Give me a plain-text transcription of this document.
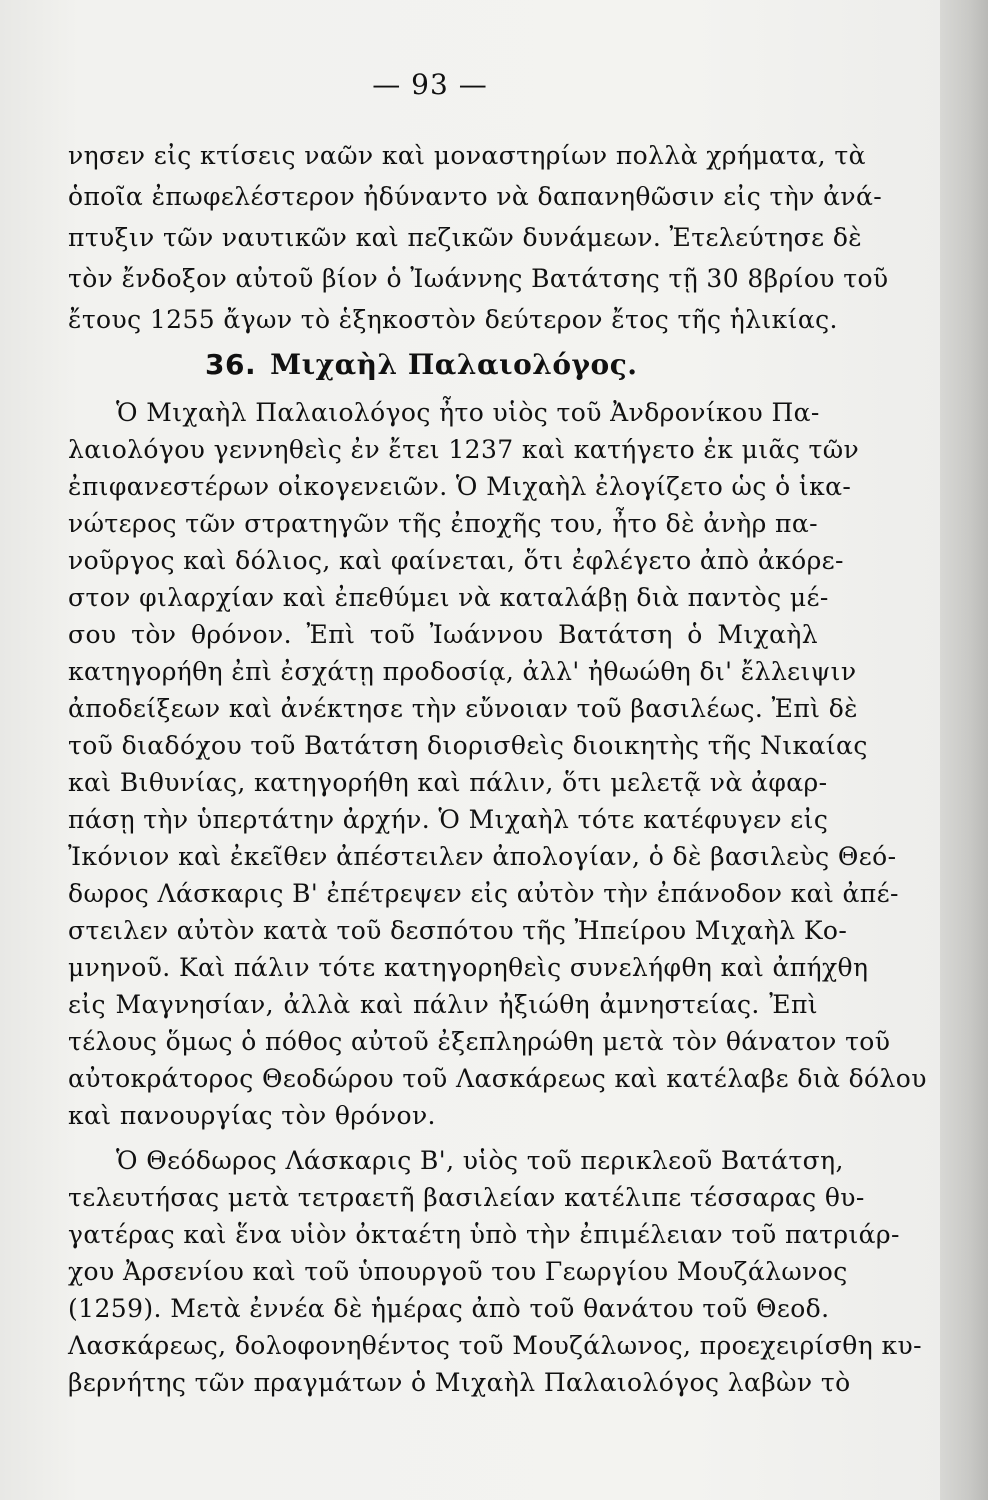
— 93 —
νησεν εἰς κτίσεις ναῶν καὶ μοναστηρίων πολλὰ χρήματα, τὰ
ὁποῖα ἐπωφελέστερον ἠδύναντο νὰ δαπανηθῶσιν εἰς τὴν ἀνά-
πτυξιν τῶν ναυτικῶν καὶ πεζικῶν δυνάμεων. Ἐτελεύτησε δὲ
τὸν ἔνδοξον αὐτοῦ βίον ὁ Ἰωάννης Βατάτσης τῇ 30 8βρίου τοῦ
ἔτους 1255 ἄγων τὸ ἑξηκοστὸν δεύτερον ἔτος τῆς ἡλικίας.
36. Μιχαὴλ Παλαιολόγος.
Ὁ Μιχαὴλ Παλαιολόγος ἦτο υἱὸς τοῦ Ἀνδρονίκου Πα-
λαιολόγου γεννηθεὶς ἐν ἔτει 1237 καὶ κατήγετο ἐκ μιᾶς τῶν
ἐπιφανεστέρων οἰκογενειῶν. Ὁ Μιχαὴλ ἐλογίζετο ὡς ὁ ἱκα-
νώτερος τῶν στρατηγῶν τῆς ἐποχῆς του, ἦτο δὲ ἀνὴρ πα-
νοῦργος καὶ δόλιος, καὶ φαίνεται, ὅτι ἐφλέγετο ἀπὸ ἀκόρε-
στον φιλαρχίαν καὶ ἐπεθύμει νὰ καταλάβῃ διὰ παντὸς μέ-
σου τὸν θρόνον. Ἐπὶ τοῦ Ἰωάννου Βατάτση ὁ Μιχαὴλ
κατηγορήθη ἐπὶ ἐσχάτῃ προδοσίᾳ, ἀλλ' ἠθωώθη δι' ἔλλειψιν
ἀποδείξεων καὶ ἀνέκτησε τὴν εὔνοιαν τοῦ βασιλέως. Ἐπὶ δὲ
τοῦ διαδόχου τοῦ Βατάτση διορισθεὶς διοικητὴς τῆς Νικαίας
καὶ Βιθυνίας, κατηγορήθη καὶ πάλιν, ὅτι μελετᾷ νὰ ἀφαρ-
πάσῃ τὴν ὑπερτάτην ἀρχήν. Ὁ Μιχαὴλ τότε κατέφυγεν εἰς
Ἰκόνιον καὶ ἐκεῖθεν ἀπέστειλεν ἀπολογίαν, ὁ δὲ βασιλεὺς Θεό-
δωρος Λάσκαρις Β' ἐπέτρεψεν εἰς αὐτὸν τὴν ἐπάνοδον καὶ ἀπέ-
στειλεν αὐτὸν κατὰ τοῦ δεσπότου τῆς Ἠπείρου Μιχαὴλ Κο-
μνηνοῦ. Καὶ πάλιν τότε κατηγορηθεὶς συνελήφθη καὶ ἀπήχθη
εἰς Μαγνησίαν, ἀλλὰ καὶ πάλιν ἠξιώθη ἀμνηστείας. Ἐπὶ
τέλους ὅμως ὁ πόθος αὐτοῦ ἐξεπληρώθη μετὰ τὸν θάνατον τοῦ
αὐτοκράτορος Θεοδώρου τοῦ Λασκάρεως καὶ κατέλαβε διὰ δόλου
καὶ πανουργίας τὸν θρόνον.
Ὁ Θεόδωρος Λάσκαρις Β', υἱὸς τοῦ περικλεοῦ Βατάτση,
τελευτήσας μετὰ τετραετῆ βασιλείαν κατέλιπε τέσσαρας θυ-
γατέρας καὶ ἕνα υἱὸν ὀκταέτη ὑπὸ τὴν ἐπιμέλειαν τοῦ πατριάρ-
χου Ἀρσενίου καὶ τοῦ ὑπουργοῦ του Γεωργίου Μουζάλωνος
(1259). Μετὰ ἐννέα δὲ ἡμέρας ἀπὸ τοῦ θανάτου τοῦ Θεοδ.
Λασκάρεως, δολοφονηθέντος τοῦ Μουζάλωνος, προεχειρίσθη κυ-
βερνήτης τῶν πραγμάτων ὁ Μιχαὴλ Παλαιολόγος λαβὼν τὸ
